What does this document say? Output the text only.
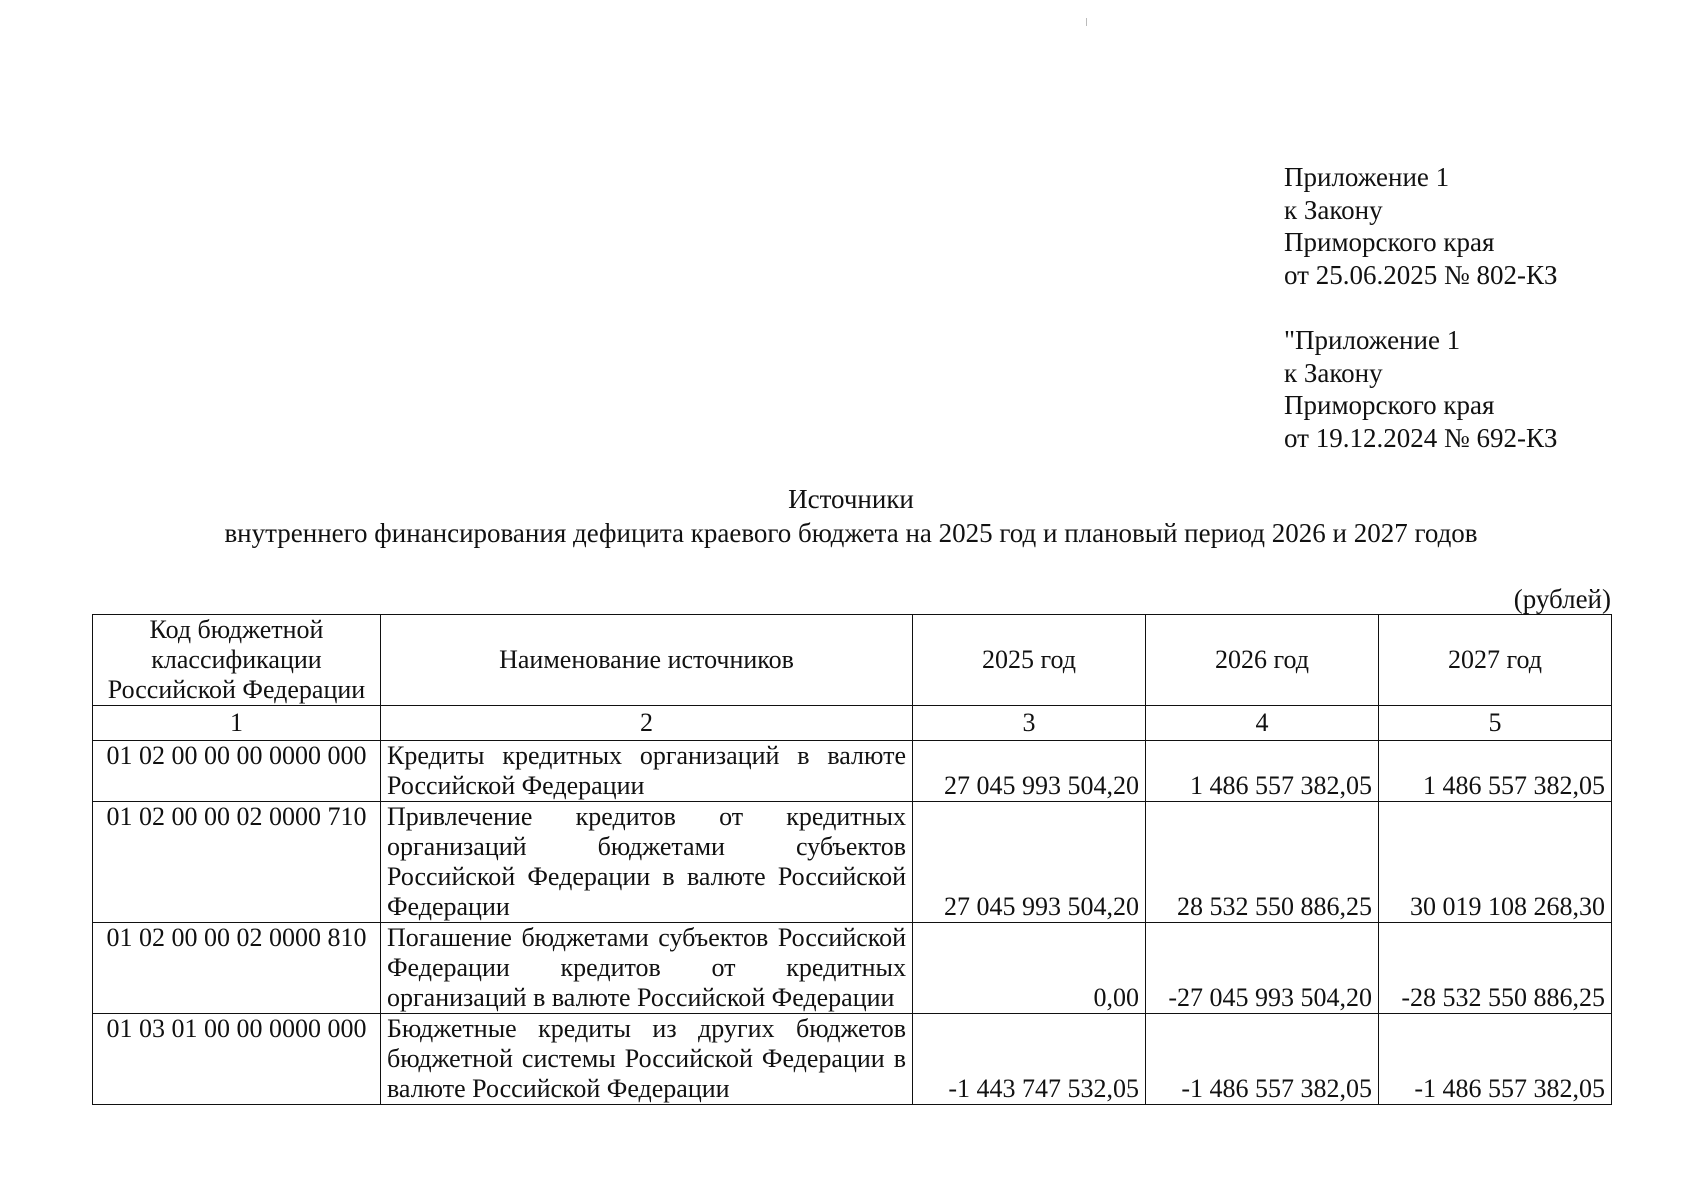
Приложение 1
к Закону
Приморского края
от 25.06.2025 № 802-КЗ
"Приложение 1
к Закону
Приморского края
от 19.12.2024 № 692-КЗ
Источники
внутреннего финансирования дефицита краевого бюджета на 2025 год и плановый период 2026 и 2027 годов
(рублей)
Код бюджетной классификации Российской Федерации	Наименование источников	2025 год	2026 год	2027 год
1	2	3	4	5
01 02 00 00 00 0000 000	Кредиты кредитных организаций в валюте Российской Федерации	27 045 993 504,20	1 486 557 382,05	1 486 557 382,05
01 02 00 00 02 0000 710	Привлечение кредитов от кредитных организаций бюджетами субъектов Российской Федерации в валюте Российской Федерации	27 045 993 504,20	28 532 550 886,25	30 019 108 268,30
01 02 00 00 02 0000 810	Погашение бюджетами субъектов Российской Федерации кредитов от кредитных организаций в валюте Российской Федерации	0,00	-27 045 993 504,20	-28 532 550 886,25
01 03 01 00 00 0000 000	Бюджетные кредиты из других бюджетов бюджетной системы Российской Федерации в валюте Российской Федерации	-1 443 747 532,05	-1 486 557 382,05	-1 486 557 382,05
